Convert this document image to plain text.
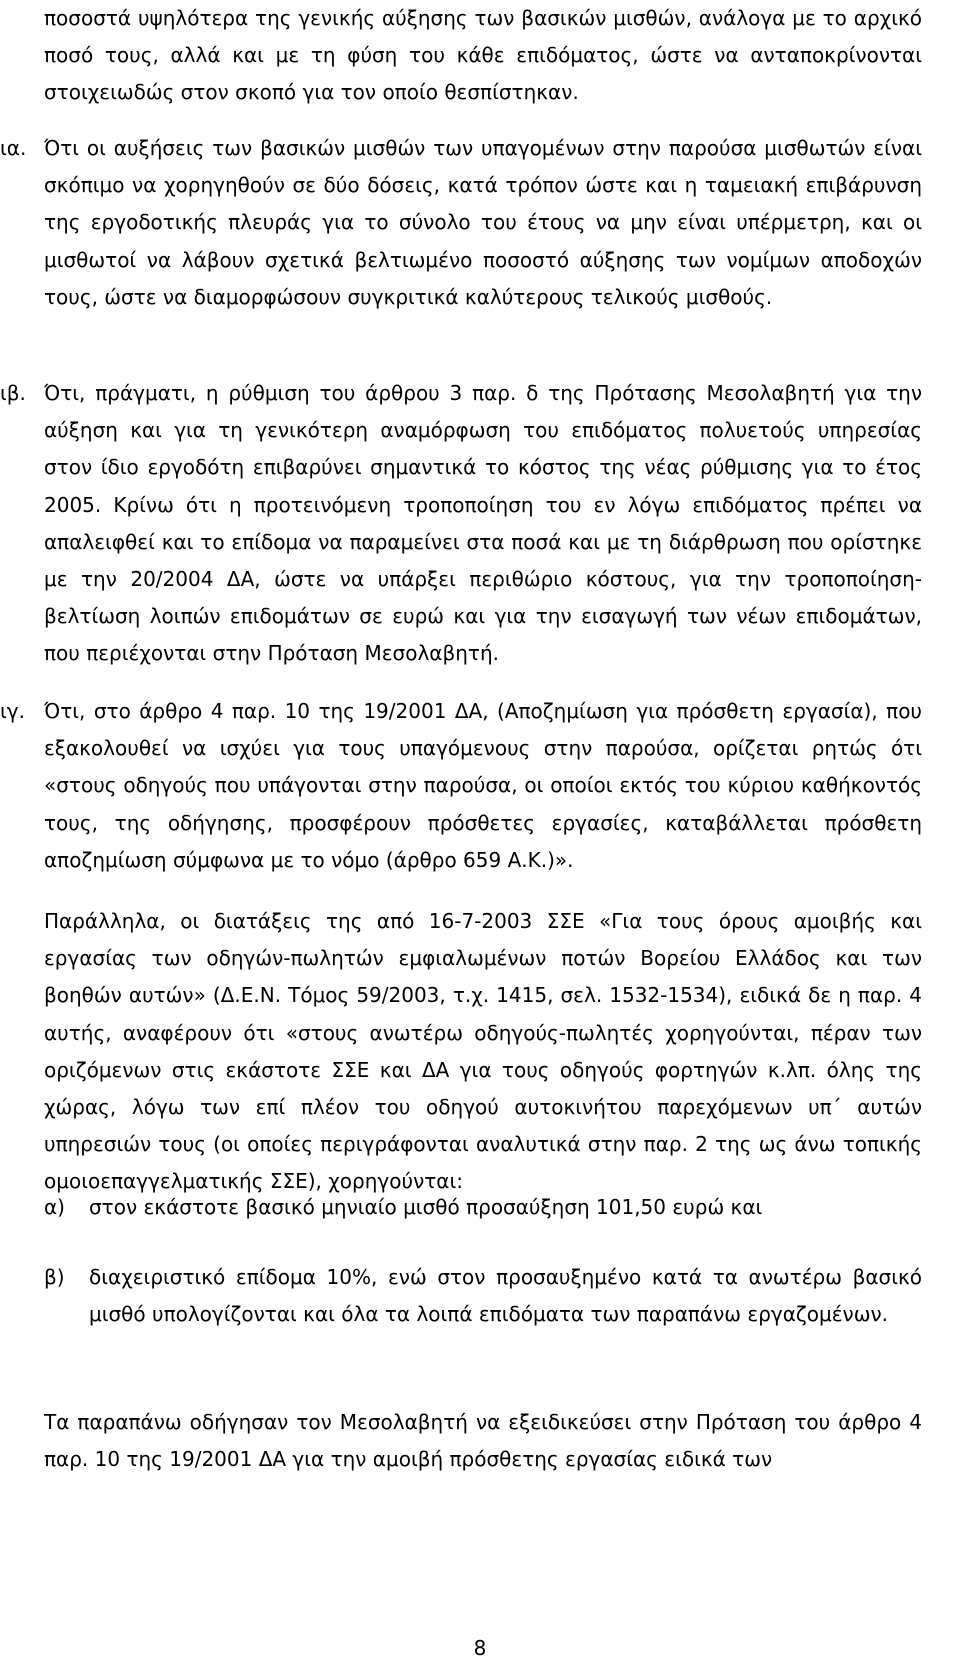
ποσοστά υψηλότερα της γενικής αύξησης των βασικών μισθών, ανάλογα με το αρχικό ποσό τους, αλλά και με τη φύση του κάθε επιδόματος, ώστε να ανταποκρίνονται στοιχειωδώς στον σκοπό για τον οποίο θεσπίστηκαν.

ια. Ότι οι αυξήσεις των βασικών μισθών των υπαγομένων στην παρούσα μισθωτών είναι σκόπιμο να χορηγηθούν σε δύο δόσεις, κατά τρόπον ώστε και η ταμειακή επιβάρυνση της εργοδοτικής πλευράς για το σύνολο του έτους να μην είναι υπέρμετρη, και οι μισθωτοί να λάβουν σχετικά βελτιωμένο ποσοστό αύξησης των νομίμων αποδοχών τους, ώστε να διαμορφώσουν συγκριτικά καλύτερους τελικούς μισθούς.

ιβ. Ότι, πράγματι, η ρύθμιση του άρθρου 3 παρ. δ της Πρότασης Μεσολαβητή για την αύξηση και για τη γενικότερη αναμόρφωση του επιδόματος πολυετούς υπηρεσίας στον ίδιο εργοδότη επιβαρύνει σημαντικά το κόστος της νέας ρύθμισης για το έτος 2005. Κρίνω ότι η προτεινόμενη τροποποίηση του εν λόγω επιδόματος πρέπει να απαλειφθεί και το επίδομα να παραμείνει στα ποσά και με τη διάρθρωση που ορίστηκε με την 20/2004 ΔΑ, ώστε να υπάρξει περιθώριο κόστους, για την τροποποίηση-βελτίωση λοιπών επιδομάτων σε ευρώ και για την εισαγωγή των νέων επιδομάτων, που περιέχονται στην Πρόταση Μεσολαβητή.

ιγ. Ότι, στο άρθρο 4 παρ. 10 της 19/2001 ΔΑ, (Αποζημίωση για πρόσθετη εργασία), που εξακολουθεί να ισχύει για τους υπαγόμενους στην παρούσα, ορίζεται ρητώς ότι «στους οδηγούς που υπάγονται στην παρούσα, οι οποίοι εκτός του κύριου καθήκοντός τους, της οδήγησης, προσφέρουν πρόσθετες εργασίες, καταβάλλεται πρόσθετη αποζημίωση σύμφωνα με το νόμο (άρθρο 659 Α.Κ.)».

Παράλληλα, οι διατάξεις της από 16-7-2003 ΣΣΕ «Για τους όρους αμοιβής και εργασίας των οδηγών-πωλητών εμφιαλωμένων ποτών Βορείου Ελλάδος και των βοηθών αυτών» (Δ.Ε.Ν. Τόμος 59/2003, τ.χ. 1415, σελ. 1532-1534), ειδικά δε η παρ. 4 αυτής, αναφέρουν ότι «στους ανωτέρω οδηγούς-πωλητές χορηγούνται, πέραν των οριζόμενων στις εκάστοτε ΣΣΕ και ΔΑ για τους οδηγούς φορτηγών κ.λπ. όλης της χώρας, λόγω των επί πλέον του οδηγού αυτοκινήτου παρεχόμενων υπ΄ αυτών υπηρεσιών τους (οι οποίες περιγράφονται αναλυτικά στην παρ. 2 της ως άνω τοπικής ομοιοεπαγγελματικής ΣΣΕ), χορηγούνται:

α) στον εκάστοτε βασικό μηνιαίο μισθό προσαύξηση 101,50 ευρώ και

β) διαχειριστικό επίδομα 10%, ενώ στον προσαυξημένο κατά τα ανωτέρω βασικό μισθό υπολογίζονται και όλα τα λοιπά επιδόματα των παραπάνω εργαζομένων.

Τα παραπάνω οδήγησαν τον Μεσολαβητή να εξειδικεύσει στην Πρόταση του άρθρο 4 παρ. 10 της 19/2001 ΔΑ για την αμοιβή πρόσθετης εργασίας ειδικά των

8
